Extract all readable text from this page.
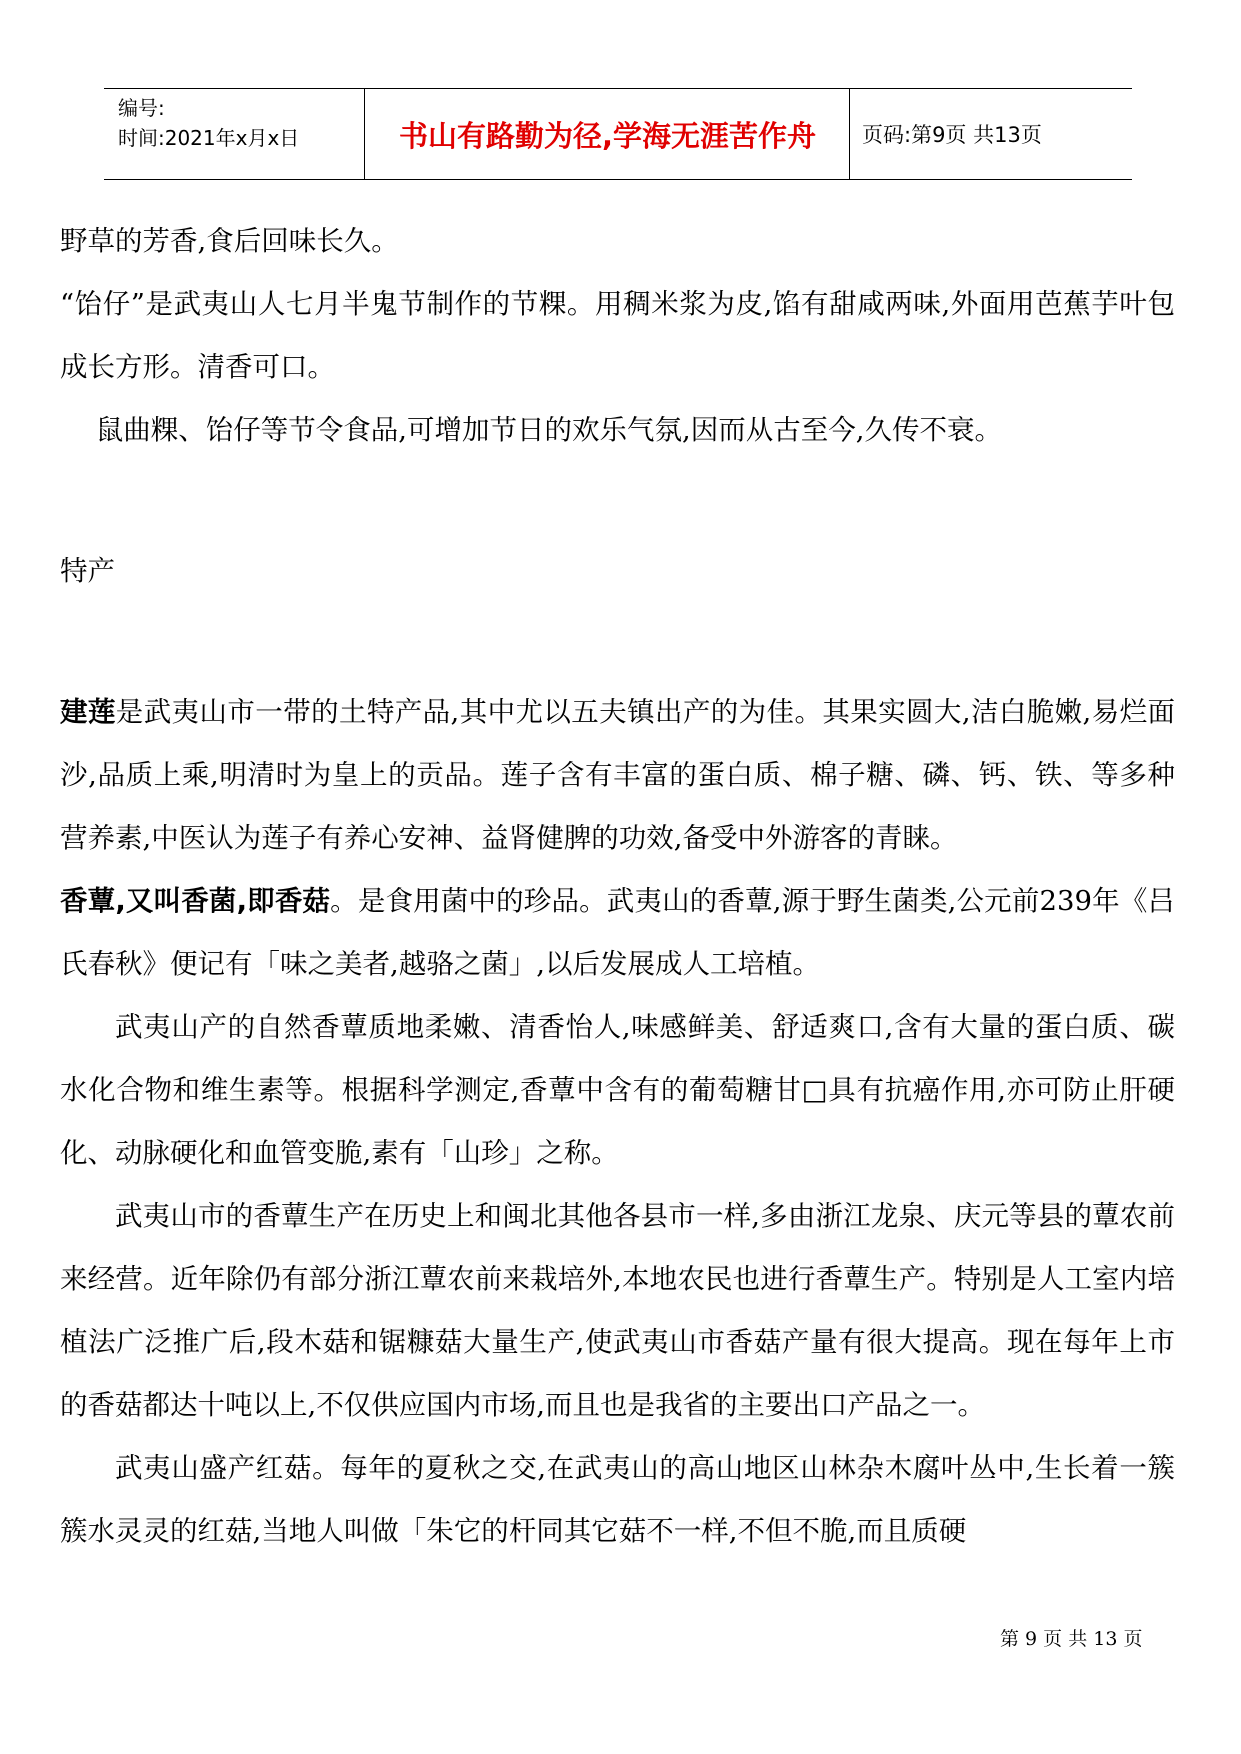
编号:
时间:2021年x月x日	书山有路勤为径,学海无涯苦作舟	页码:第9页 共13页

野草的芳香,食后回味长久。

“饴仔”是武夷山人七月半鬼节制作的节粿。用稠米浆为皮,馅有甜咸两味,外面用芭蕉芋叶包成长方形。清香可口。

鼠曲粿、饴仔等节令食品,可增加节日的欢乐气氛,因而从古至今,久传不衰。

特产

建莲是武夷山市一带的土特产品,其中尤以五夫镇出产的为佳。其果实圆大,洁白脆嫩,易烂面沙,品质上乘,明清时为皇上的贡品。莲子含有丰富的蛋白质、棉子糖、磷、钙、铁、等多种营养素,中医认为莲子有养心安神、益肾健脾的功效,备受中外游客的青睐。

香蕈,又叫香菌,即香菇。是食用菌中的珍品。武夷山的香蕈,源于野生菌类,公元前239年《吕氏春秋》便记有「味之美者,越骆之菌」,以后发展成人工培植。

武夷山产的自然香蕈质地柔嫩、清香怡人,味感鲜美、舒适爽口,含有大量的蛋白质、碳水化合物和维生素等。根据科学测定,香蕈中含有的葡萄糖甘□具有抗癌作用,亦可防止肝硬化、动脉硬化和血管变脆,素有「山珍」之称。

武夷山市的香蕈生产在历史上和闽北其他各县市一样,多由浙江龙泉、庆元等县的蕈农前来经营。近年除仍有部分浙江蕈农前来栽培外,本地农民也进行香蕈生产。特别是人工室内培植法广泛推广后,段木菇和锯糠菇大量生产,使武夷山市香菇产量有很大提高。现在每年上市的香菇都达十吨以上,不仅供应国内市场,而且也是我省的主要出口产品之一。

武夷山盛产红菇。每年的夏秋之交,在武夷山的高山地区山林杂木腐叶丛中,生长着一簇簇水灵灵的红菇,当地人叫做「朱它的杆同其它菇不一样,不但不脆,而且质硬

第 9 页 共 13 页
